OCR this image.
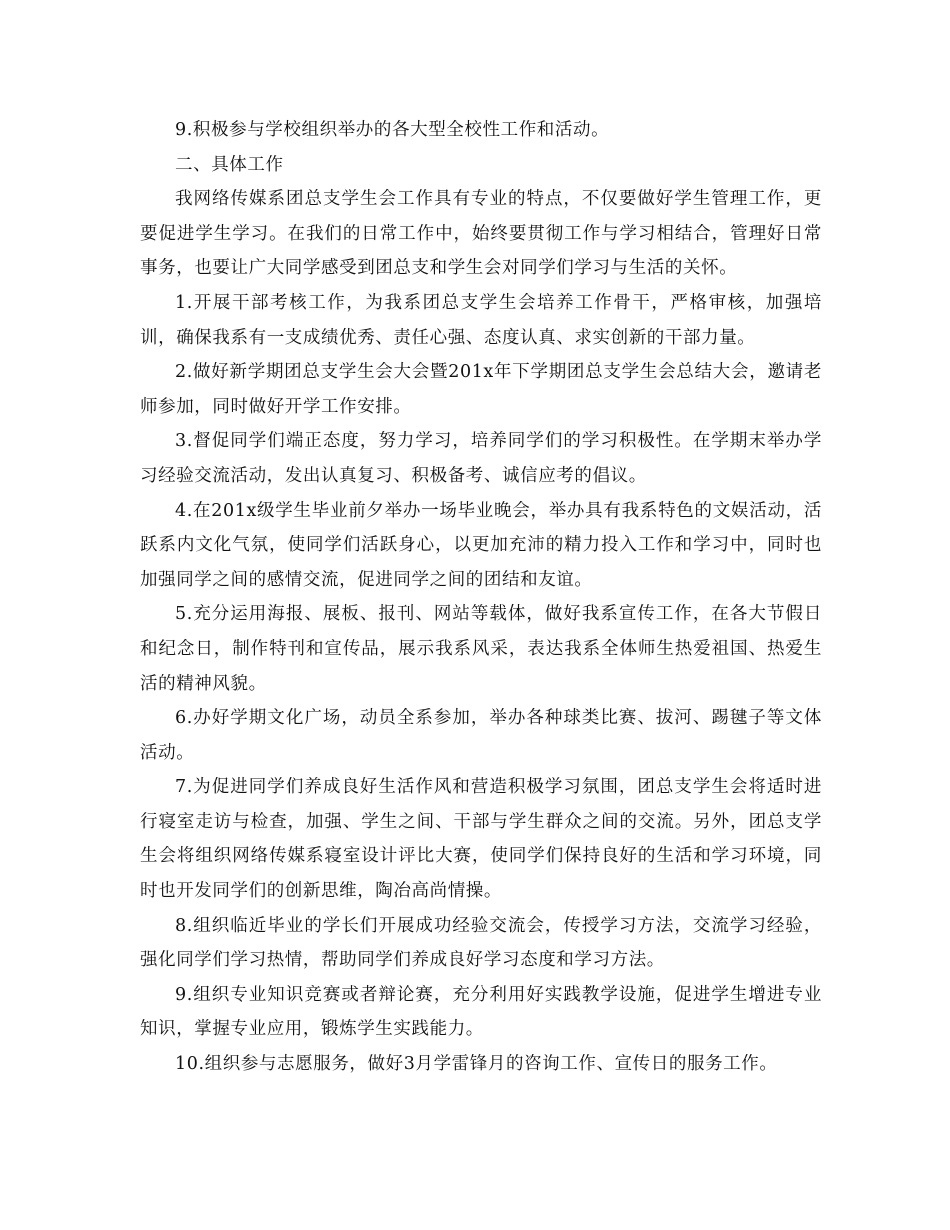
9.积极参与学校组织举办的各大型全校性工作和活动。

二、具体工作

我网络传媒系团总支学生会工作具有专业的特点，不仅要做好学生管理工作，更要促进学生学习。在我们的日常工作中，始终要贯彻工作与学习相结合，管理好日常事务，也要让广大同学感受到团总支和学生会对同学们学习与生活的关怀。

1.开展干部考核工作，为我系团总支学生会培养工作骨干，严格审核，加强培训，确保我系有一支成绩优秀、责任心强、态度认真、求实创新的干部力量。

2.做好新学期团总支学生会大会暨201x年下学期团总支学生会总结大会，邀请老师参加，同时做好开学工作安排。

3.督促同学们端正态度，努力学习，培养同学们的学习积极性。在学期末举办学习经验交流活动，发出认真复习、积极备考、诚信应考的倡议。

4.在201x级学生毕业前夕举办一场毕业晚会，举办具有我系特色的文娱活动，活跃系内文化气氛，使同学们活跃身心，以更加充沛的精力投入工作和学习中，同时也加强同学之间的感情交流，促进同学之间的团结和友谊。

5.充分运用海报、展板、报刊、网站等载体，做好我系宣传工作，在各大节假日和纪念日，制作特刊和宣传品，展示我系风采，表达我系全体师生热爱祖国、热爱生活的精神风貌。

6.办好学期文化广场，动员全系参加，举办各种球类比赛、拔河、踢毽子等文体活动。

7.为促进同学们养成良好生活作风和营造积极学习氛围，团总支学生会将适时进行寝室走访与检查，加强、学生之间、干部与学生群众之间的交流。另外，团总支学生会将组织网络传媒系寝室设计评比大赛，使同学们保持良好的生活和学习环境，同时也开发同学们的创新思维，陶冶高尚情操。

8.组织临近毕业的学长们开展成功经验交流会，传授学习方法，交流学习经验，强化同学们学习热情，帮助同学们养成良好学习态度和学习方法。

9.组织专业知识竞赛或者辩论赛，充分利用好实践教学设施，促进学生增进专业知识，掌握专业应用，锻炼学生实践能力。

10.组织参与志愿服务，做好3月学雷锋月的咨询工作、宣传日的服务工作。
